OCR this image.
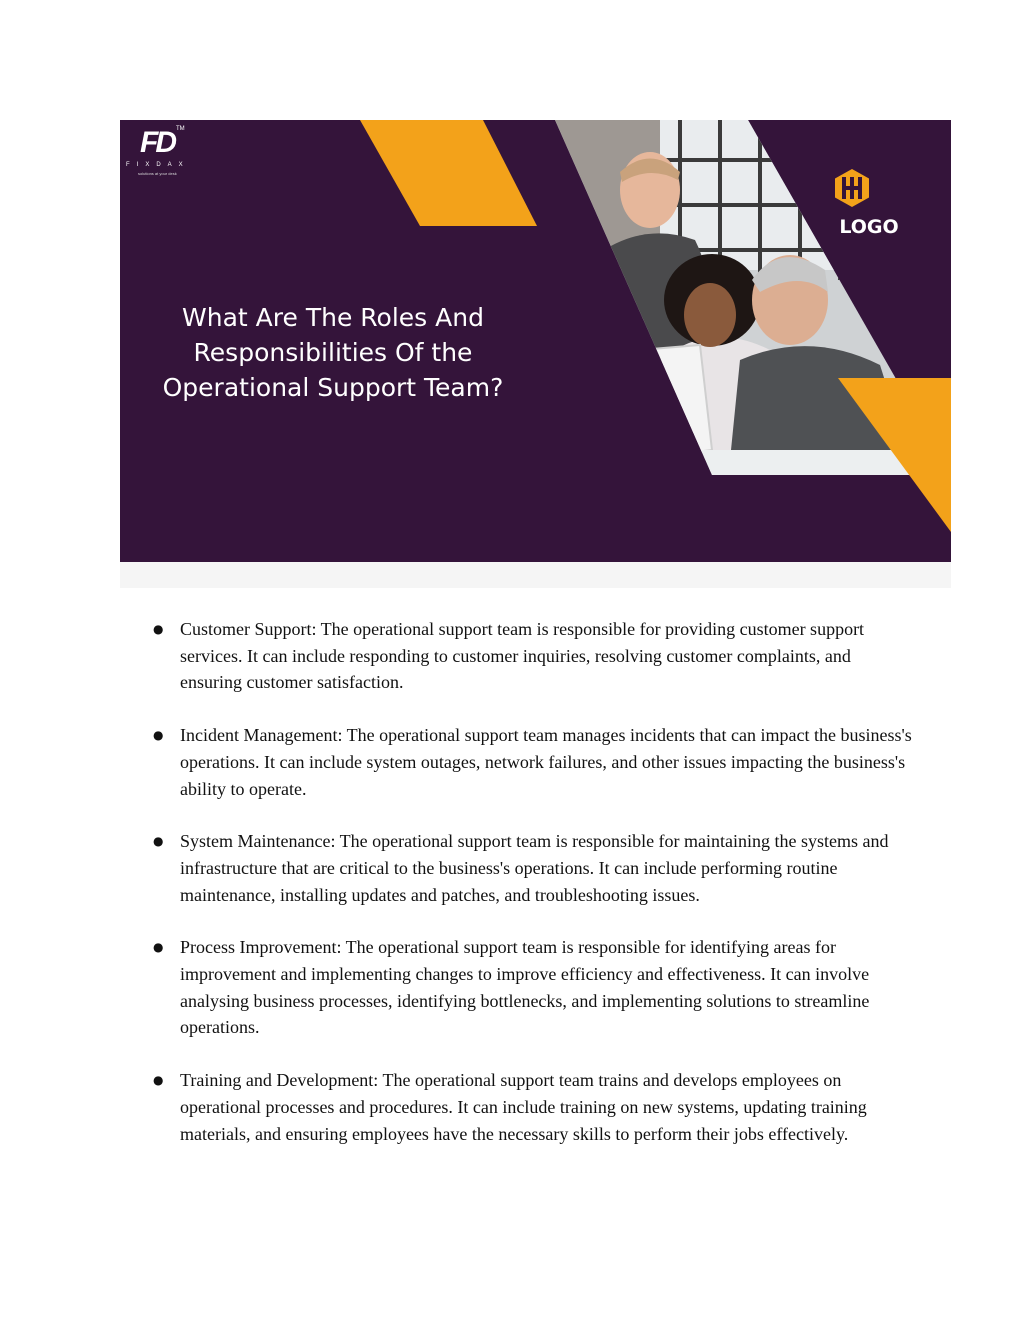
FD TM
FIXDAX
solutions at your desk
LOGO
What Are The Roles And
Responsibilities Of the
Operational Support Team?
● Customer Support: The operational support team is responsible for providing customer support services. It can include responding to customer inquiries, resolving customer complaints, and ensuring customer satisfaction.
● Incident Management: The operational support team manages incidents that can impact the business's operations. It can include system outages, network failures, and other issues impacting the business's ability to operate.
● System Maintenance: The operational support team is responsible for maintaining the systems and infrastructure that are critical to the business's operations. It can include performing routine maintenance, installing updates and patches, and troubleshooting issues.
● Process Improvement: The operational support team is responsible for identifying areas for improvement and implementing changes to improve efficiency and effectiveness. It can involve analysing business processes, identifying bottlenecks, and implementing solutions to streamline operations.
● Training and Development: The operational support team trains and develops employees on operational processes and procedures. It can include training on new systems, updating training materials, and ensuring employees have the necessary skills to perform their jobs effectively.
